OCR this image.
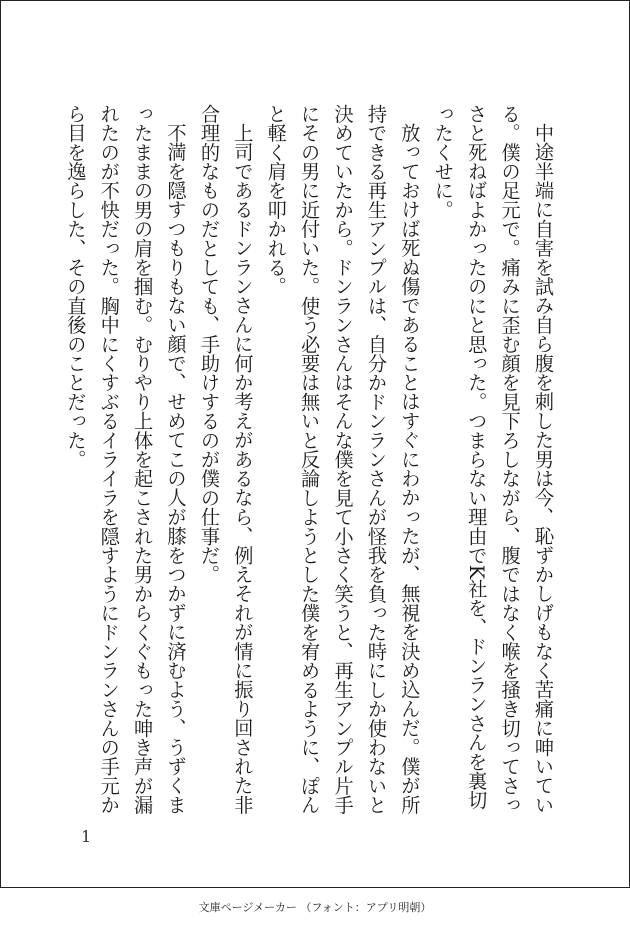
中途半端に自害を試み自ら腹を刺した男は今、恥ずかしげもなく苦痛に呻いている。僕の足元で。痛みに歪む顔を見下ろしながら、腹ではなく喉を掻き切ってさっさと死ねばよかったのにと思った。つまらない理由でK社を、ドンランさんを裏切ったくせに。

放っておけば死ぬ傷であることはすぐにわかったが、無視を決め込んだ。僕が所持できる再生アンプルは、自分かドンランさんが怪我を負った時にしか使わないと決めていたから。ドンランさんはそんな僕を見て小さく笑うと、再生アンプル片手にその男に近付いた。使う必要は無いと反論しようとした僕を宥めるように、ぽんと軽く肩を叩かれる。

上司であるドンランさんに何か考えがあるなら、例えそれが情に振り回された非合理的なものだとしても、手助けするのが僕の仕事だ。

不満を隠すつもりもない顔で、せめてこの人が膝をつかずに済むよう、うずくまったままの男の肩を掴む。むりやり上体を起こされた男からくぐもった呻き声が漏れたのが不快だった。胸中にくすぶるイライラを隠すようにドンランさんの手元から目を逸らした、その直後のことだった。

1
文庫ページメーカー （フォント：アプリ明朝）
